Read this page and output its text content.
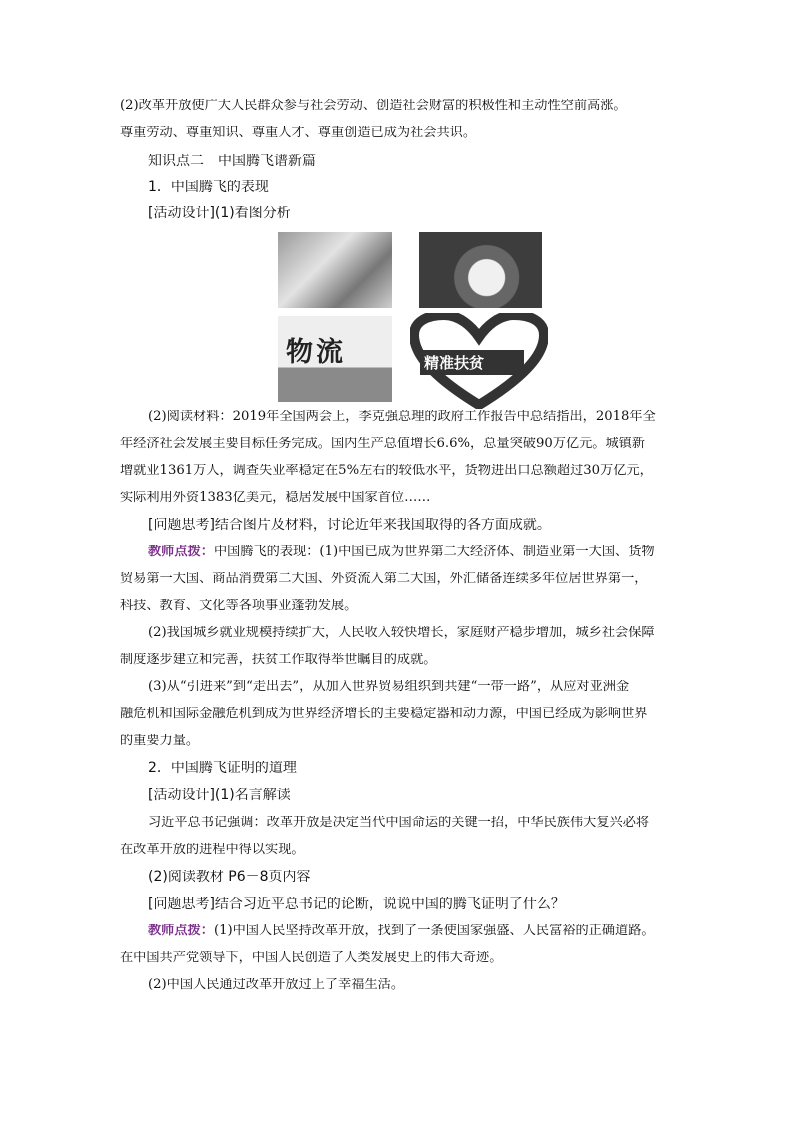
(2)改革开放使广大人民群众参与社会劳动、创造社会财富的积极性和主动性空前高涨。
尊重劳动、尊重知识、尊重人才、尊重创造已成为社会共识。
知识点二　中国腾飞谱新篇
1．中国腾飞的表现
[活动设计](1)看图分析
物流	精准扶贫
(2)阅读材料：2019年全国两会上，李克强总理的政府工作报告中总结指出，2018年全
年经济社会发展主要目标任务完成。国内生产总值增长6.6%，总量突破90万亿元。城镇新
增就业1361万人，调查失业率稳定在5%左右的较低水平，货物进出口总额超过30万亿元，
实际利用外资1383亿美元，稳居发展中国家首位……
[问题思考]结合图片及材料，讨论近年来我国取得的各方面成就。
教师点拨：中国腾飞的表现：(1)中国已成为世界第二大经济体、制造业第一大国、货物
贸易第一大国、商品消费第二大国、外资流入第二大国，外汇储备连续多年位居世界第一，
科技、教育、文化等各项事业蓬勃发展。
(2)我国城乡就业规模持续扩大，人民收入较快增长，家庭财产稳步增加，城乡社会保障
制度逐步建立和完善，扶贫工作取得举世瞩目的成就。
(3)从“引进来”到“走出去”，从加入世界贸易组织到共建“一带一路”，从应对亚洲金
融危机和国际金融危机到成为世界经济增长的主要稳定器和动力源，中国已经成为影响世界
的重要力量。
2．中国腾飞证明的道理
[活动设计](1)名言解读
习近平总书记强调：改革开放是决定当代中国命运的关键一招，中华民族伟大复兴必将
在改革开放的进程中得以实现。
(2)阅读教材 P6－8页内容
[问题思考]结合习近平总书记的论断，说说中国的腾飞证明了什么？
教师点拨：(1)中国人民坚持改革开放，找到了一条使国家强盛、人民富裕的正确道路。
在中国共产党领导下，中国人民创造了人类发展史上的伟大奇迹。
(2)中国人民通过改革开放过上了幸福生活。
